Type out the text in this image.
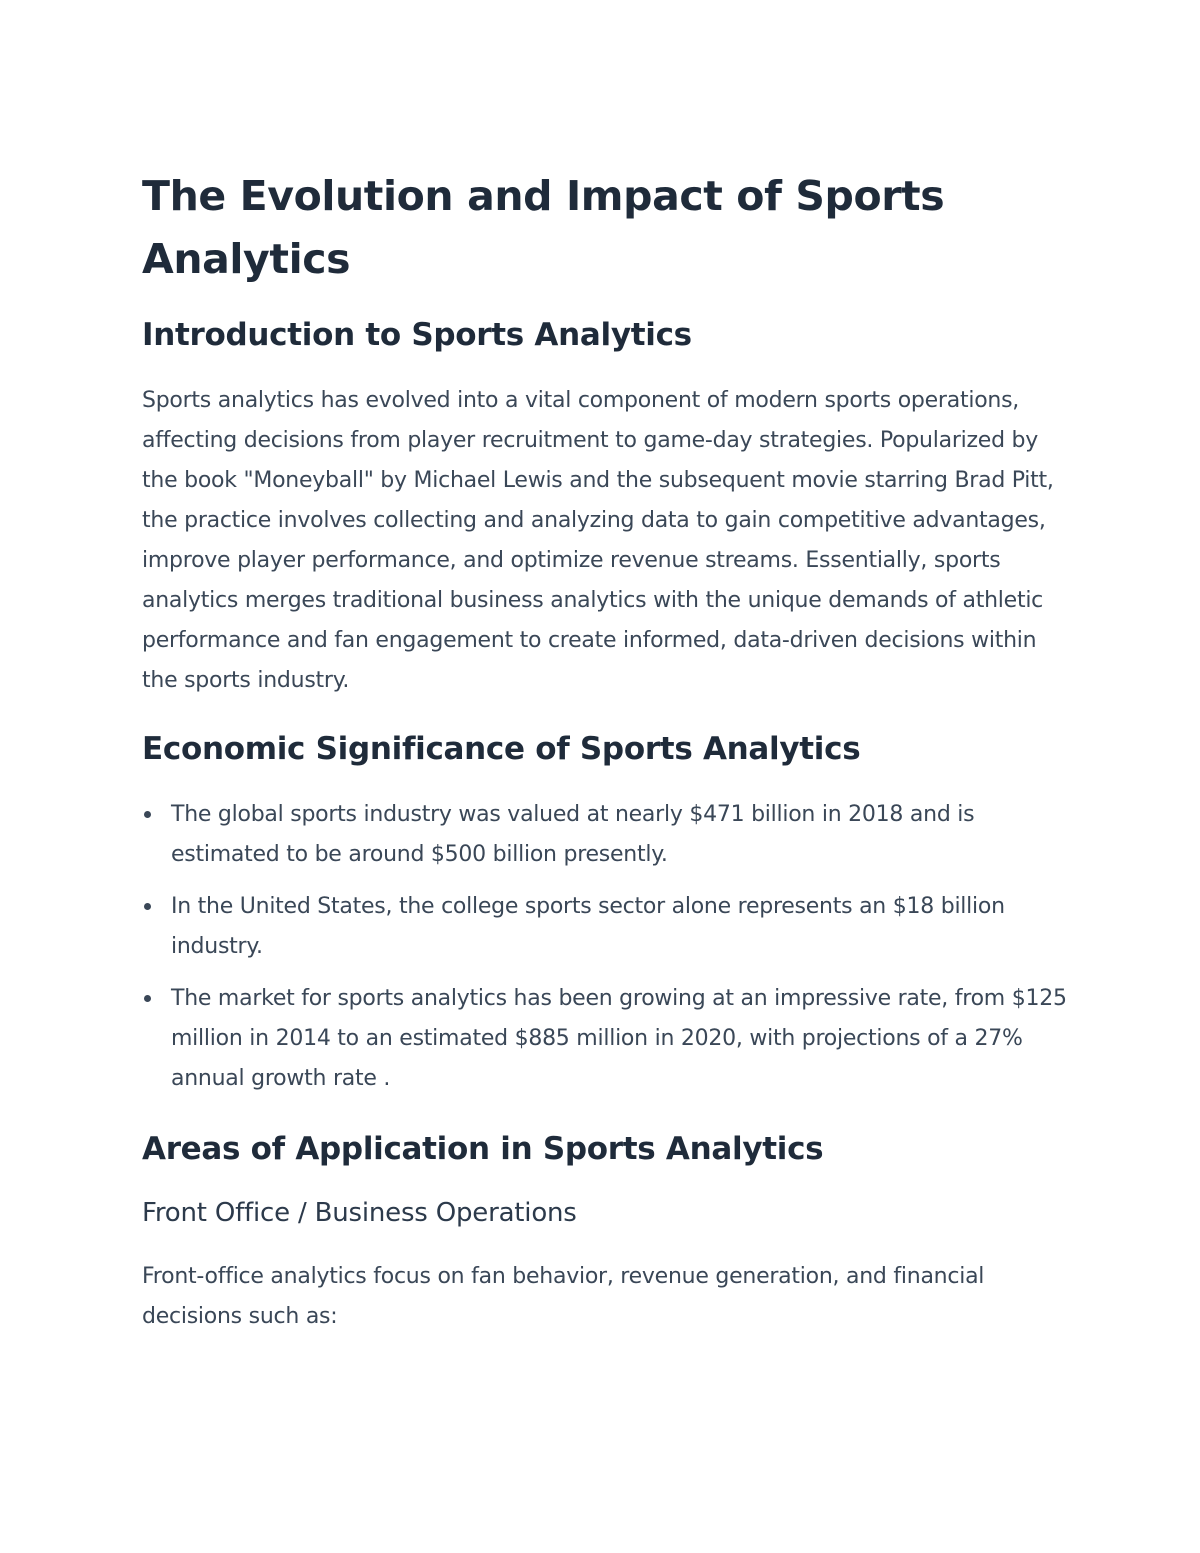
The Evolution and Impact of Sports Analytics
Introduction to Sports Analytics

Sports analytics has evolved into a vital component of modern sports operations, affecting decisions from player recruitment to game-day strategies. Popularized by the book "Moneyball" by Michael Lewis and the subsequent movie starring Brad Pitt, the practice involves collecting and analyzing data to gain competitive advantages, improve player performance, and optimize revenue streams. Essentially, sports analytics merges traditional business analytics with the unique demands of athletic performance and fan engagement to create informed, data-driven decisions within the sports industry.

Economic Significance of Sports Analytics
The global sports industry was valued at nearly $471 billion in 2018 and is estimated to be around $500 billion presently.
In the United States, the college sports sector alone represents an $18 billion industry.
The market for sports analytics has been growing at an impressive rate, from $125 million in 2014 to an estimated $885 million in 2020, with projections of a 27% annual growth rate .
Areas of Application in Sports Analytics
Front Office / Business Operations

Front-office analytics focus on fan behavior, revenue generation, and financial decisions such as:
